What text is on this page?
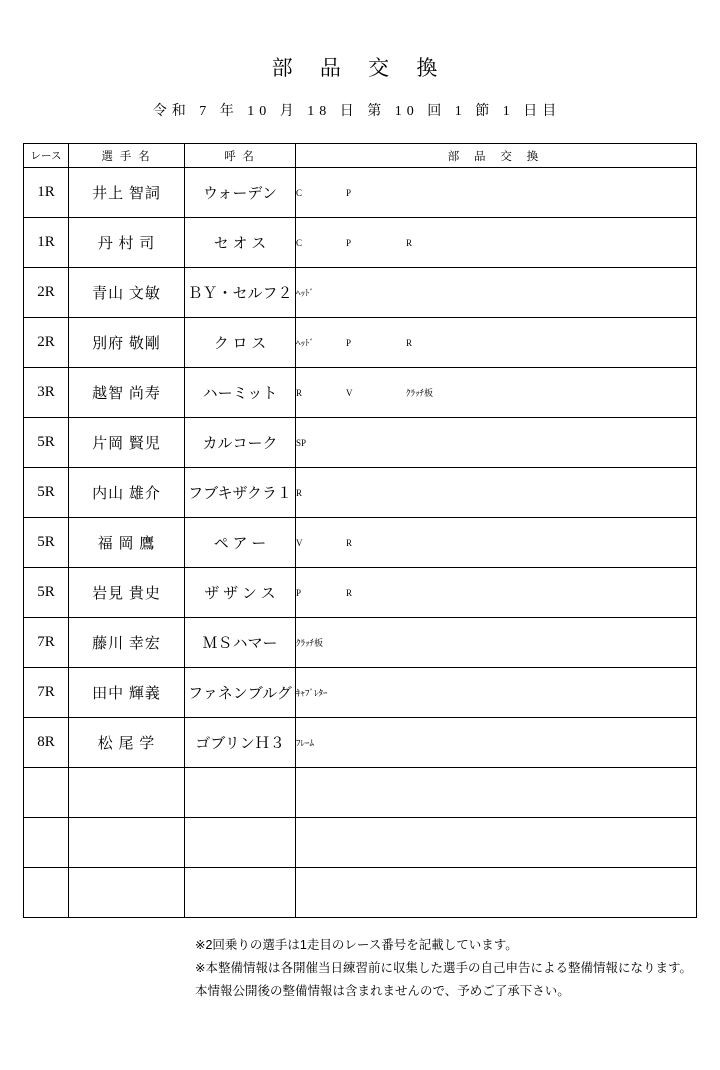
部 品 交 換
令和 7 年 10 月 18 日 第 10 回 1 節 1 日目
レース	選 手 名	呼 名	部 品 交 換
1R	井上 智詞	ウォーデン	C P

1R	丹 村 司	セ オ ス	C P R

2R	青山 文敏	ＢＹ・セルフ２	ﾍｯﾄﾞ

2R	別府 敬剛	ク ロ ス	ﾍｯﾄﾞ P R

3R	越智 尚寿	ハーミット	R V ｸﾗｯﾁ板

5R	片岡 賢児	カルコーク	SP

5R	内山 雄介	フブキザクラ１	R

5R	福 岡 鷹	ペ ア ー	V R

5R	岩見 貴史	ザ ザ ン ス	P R

7R	藤川 幸宏	ＭＳハマー	ｸﾗｯﾁ板

7R	田中 輝義	ファネンブルグ	ｷｬﾌﾞﾚﾀｰ

8R	松 尾 学	ゴブリンＨ３	ﾌﾚｰﾑ

※2回乗りの選手は1走目のレース番号を記載しています。
※本整備情報は各開催当日練習前に収集した選手の自己申告による整備情報になります。
本情報公開後の整備情報は含まれませんので、予めご了承下さい。
